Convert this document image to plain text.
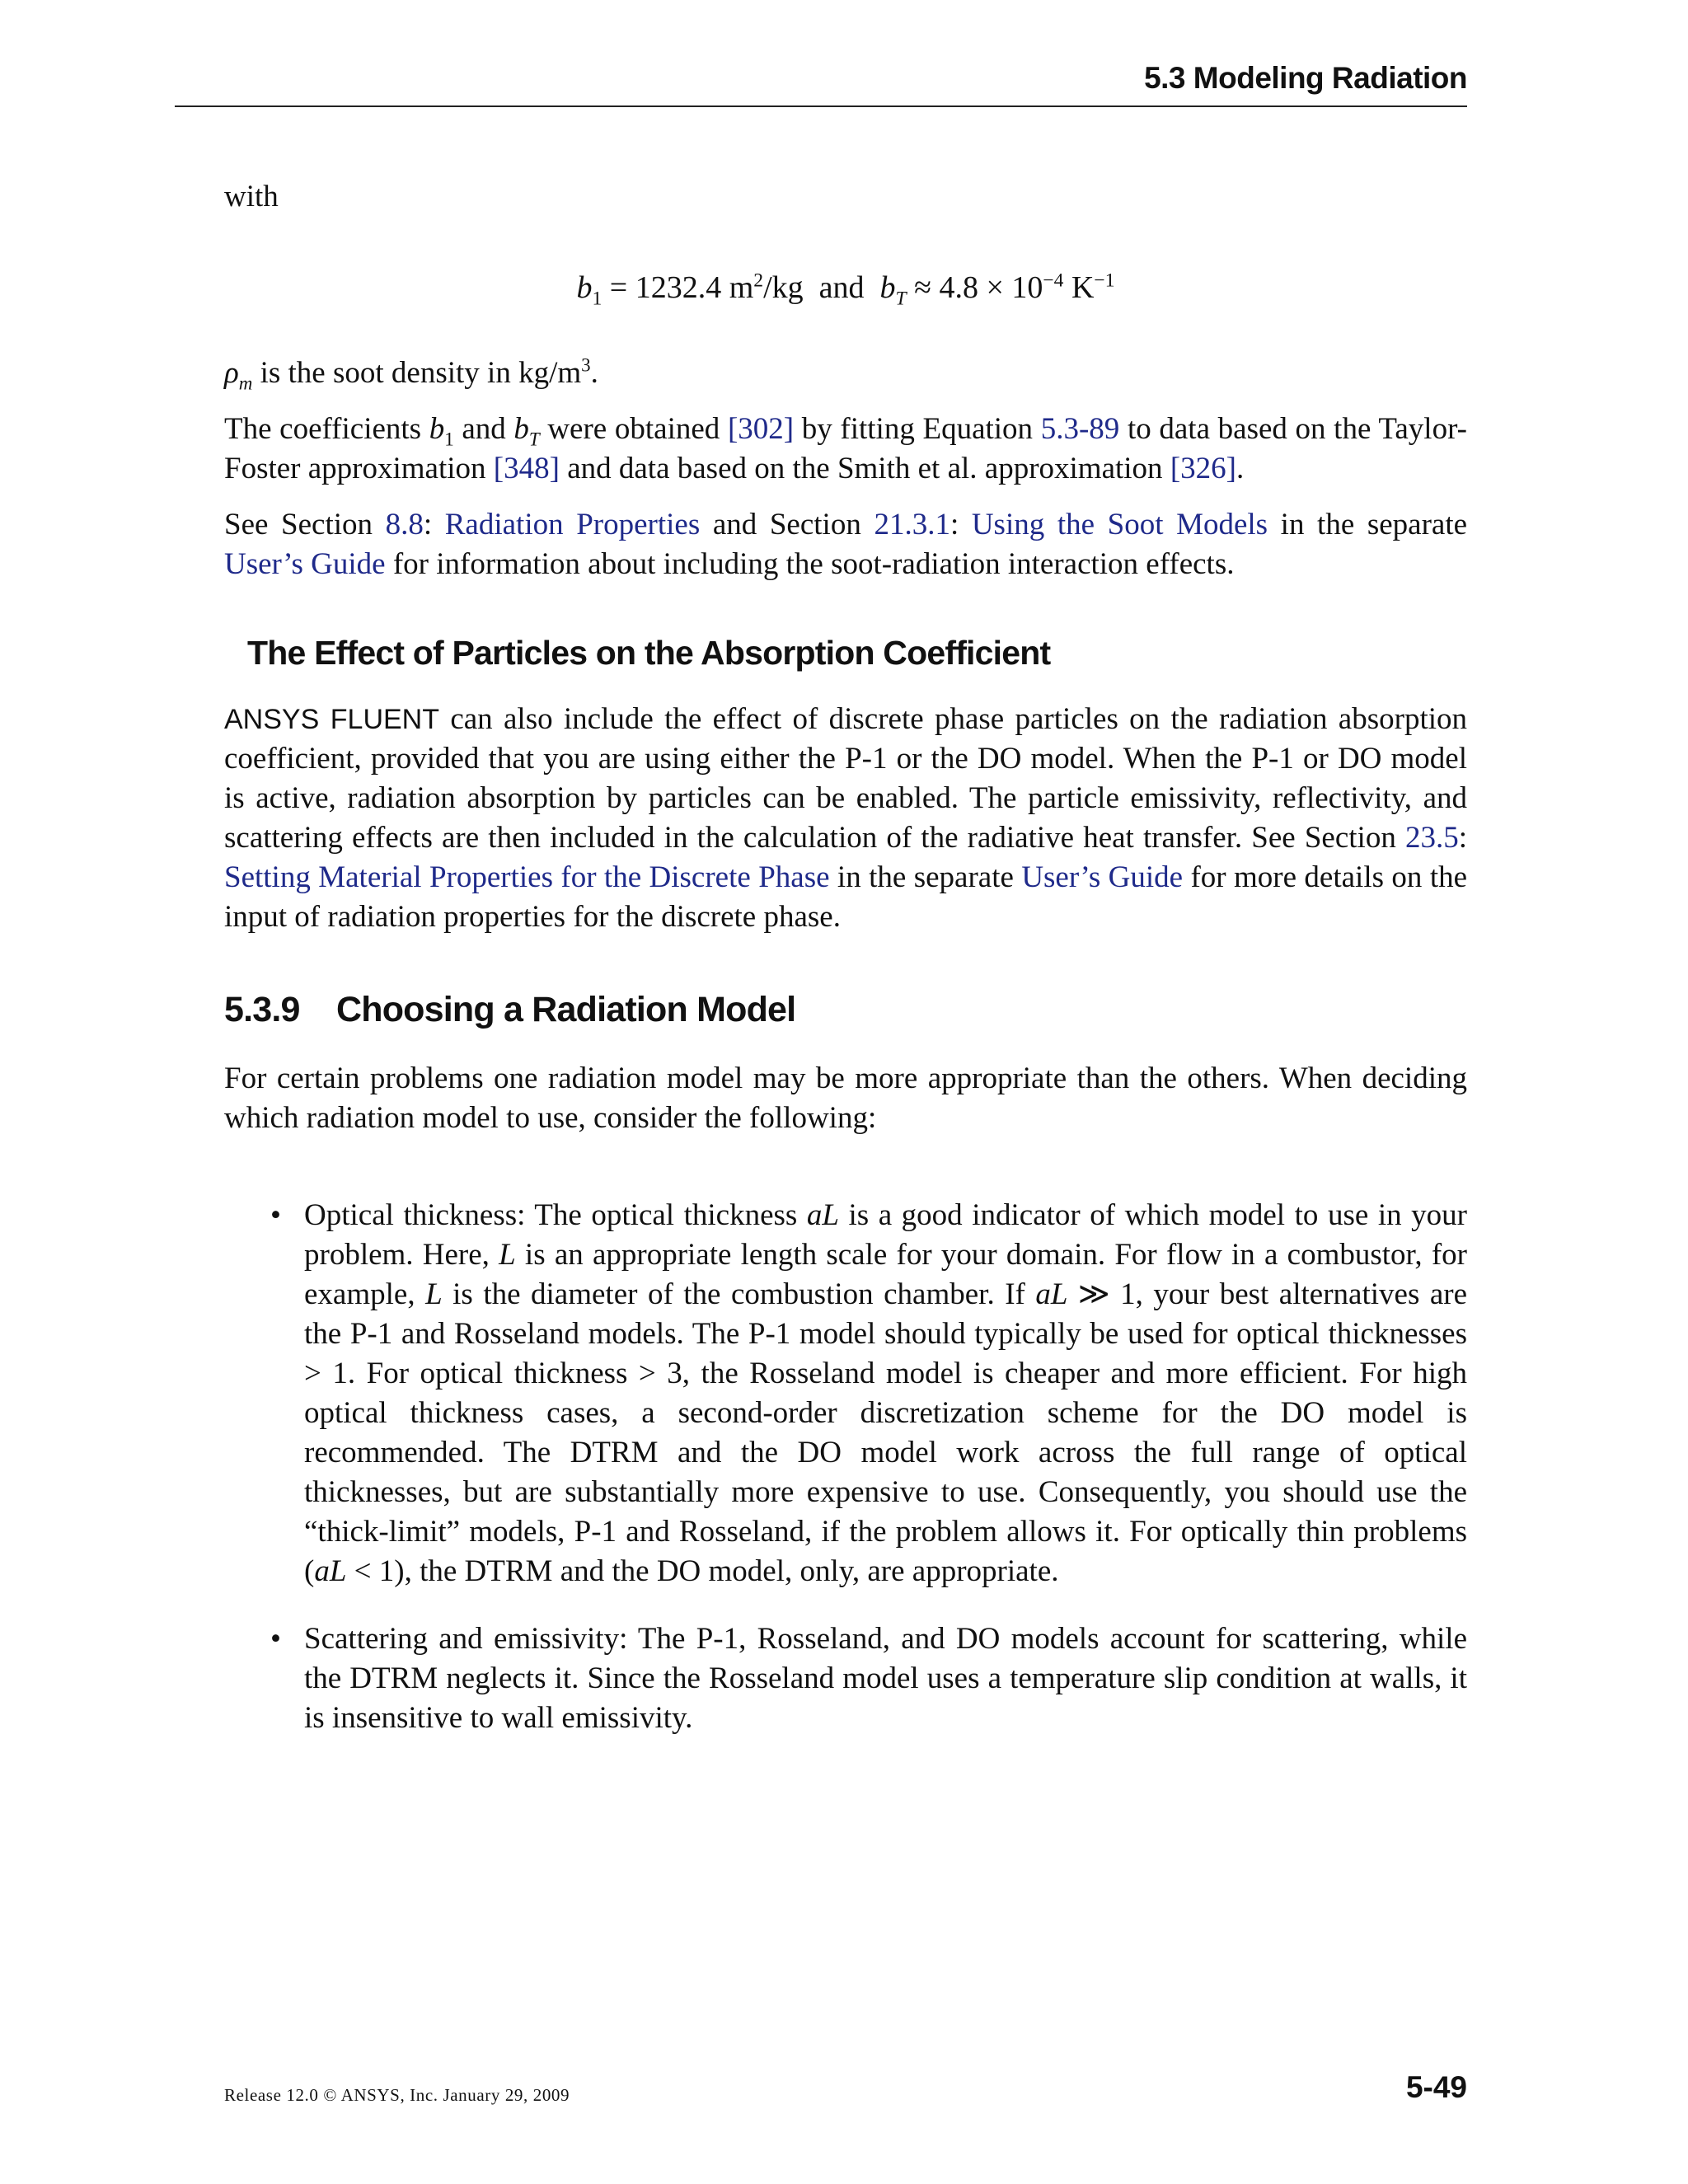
5.3 Modeling Radiation

with

$b_1 = 1232.4$ $m^2/kg$ and $b_T \approx 4.8 \times 10^{-4}$ $K^{-1}$

$\rho_m$ is the soot density in $kg/m^3$.

The coefficients $b_1$ and $b_T$ were obtained [302] by fitting Equation 5.3-89 to data based on the Taylor-Foster approximation [348] and data based on the Smith et al. approximation [326].

See Section 8.8: Radiation Properties and Section 21.3.1: Using the Soot Models in the separate User’s Guide for information about including the soot-radiation interaction effects.

The Effect of Particles on the Absorption Coefficient

ANSYS FLUENT can also include the effect of discrete phase particles on the radiation absorption coefficient, provided that you are using either the P-1 or the DO model. When the P-1 or DO model is active, radiation absorption by particles can be enabled. The particle emissivity, reflectivity, and scattering effects are then included in the calculation of the radiative heat transfer. See Section 23.5: Setting Material Properties for the Discrete Phase in the separate User’s Guide for more details on the input of radiation properties for the discrete phase.

5.3.9 Choosing a Radiation Model

For certain problems one radiation model may be more appropriate than the others. When deciding which radiation model to use, consider the following:

• Optical thickness: The optical thickness aL is a good indicator of which model to use in your problem. Here, L is an appropriate length scale for your domain. For flow in a combustor, for example, L is the diameter of the combustion chamber. If aL ≫ 1, your best alternatives are the P-1 and Rosseland models. The P-1 model should typically be used for optical thicknesses > 1. For optical thickness > 3, the Rosseland model is cheaper and more efficient. For high optical thickness cases, a second-order discretization scheme for the DO model is recommended. The DTRM and the DO model work across the full range of optical thicknesses, but are substantially more expensive to use. Consequently, you should use the “thick-limit” models, P-1 and Rosseland, if the problem allows it. For optically thin problems (aL < 1), the DTRM and the DO model, only, are appropriate.
• Scattering and emissivity: The P-1, Rosseland, and DO models account for scattering, while the DTRM neglects it. Since the Rosseland model uses a temperature slip condition at walls, it is insensitive to wall emissivity.
Release 12.0 © ANSYS, Inc. January 29, 2009	5-49
